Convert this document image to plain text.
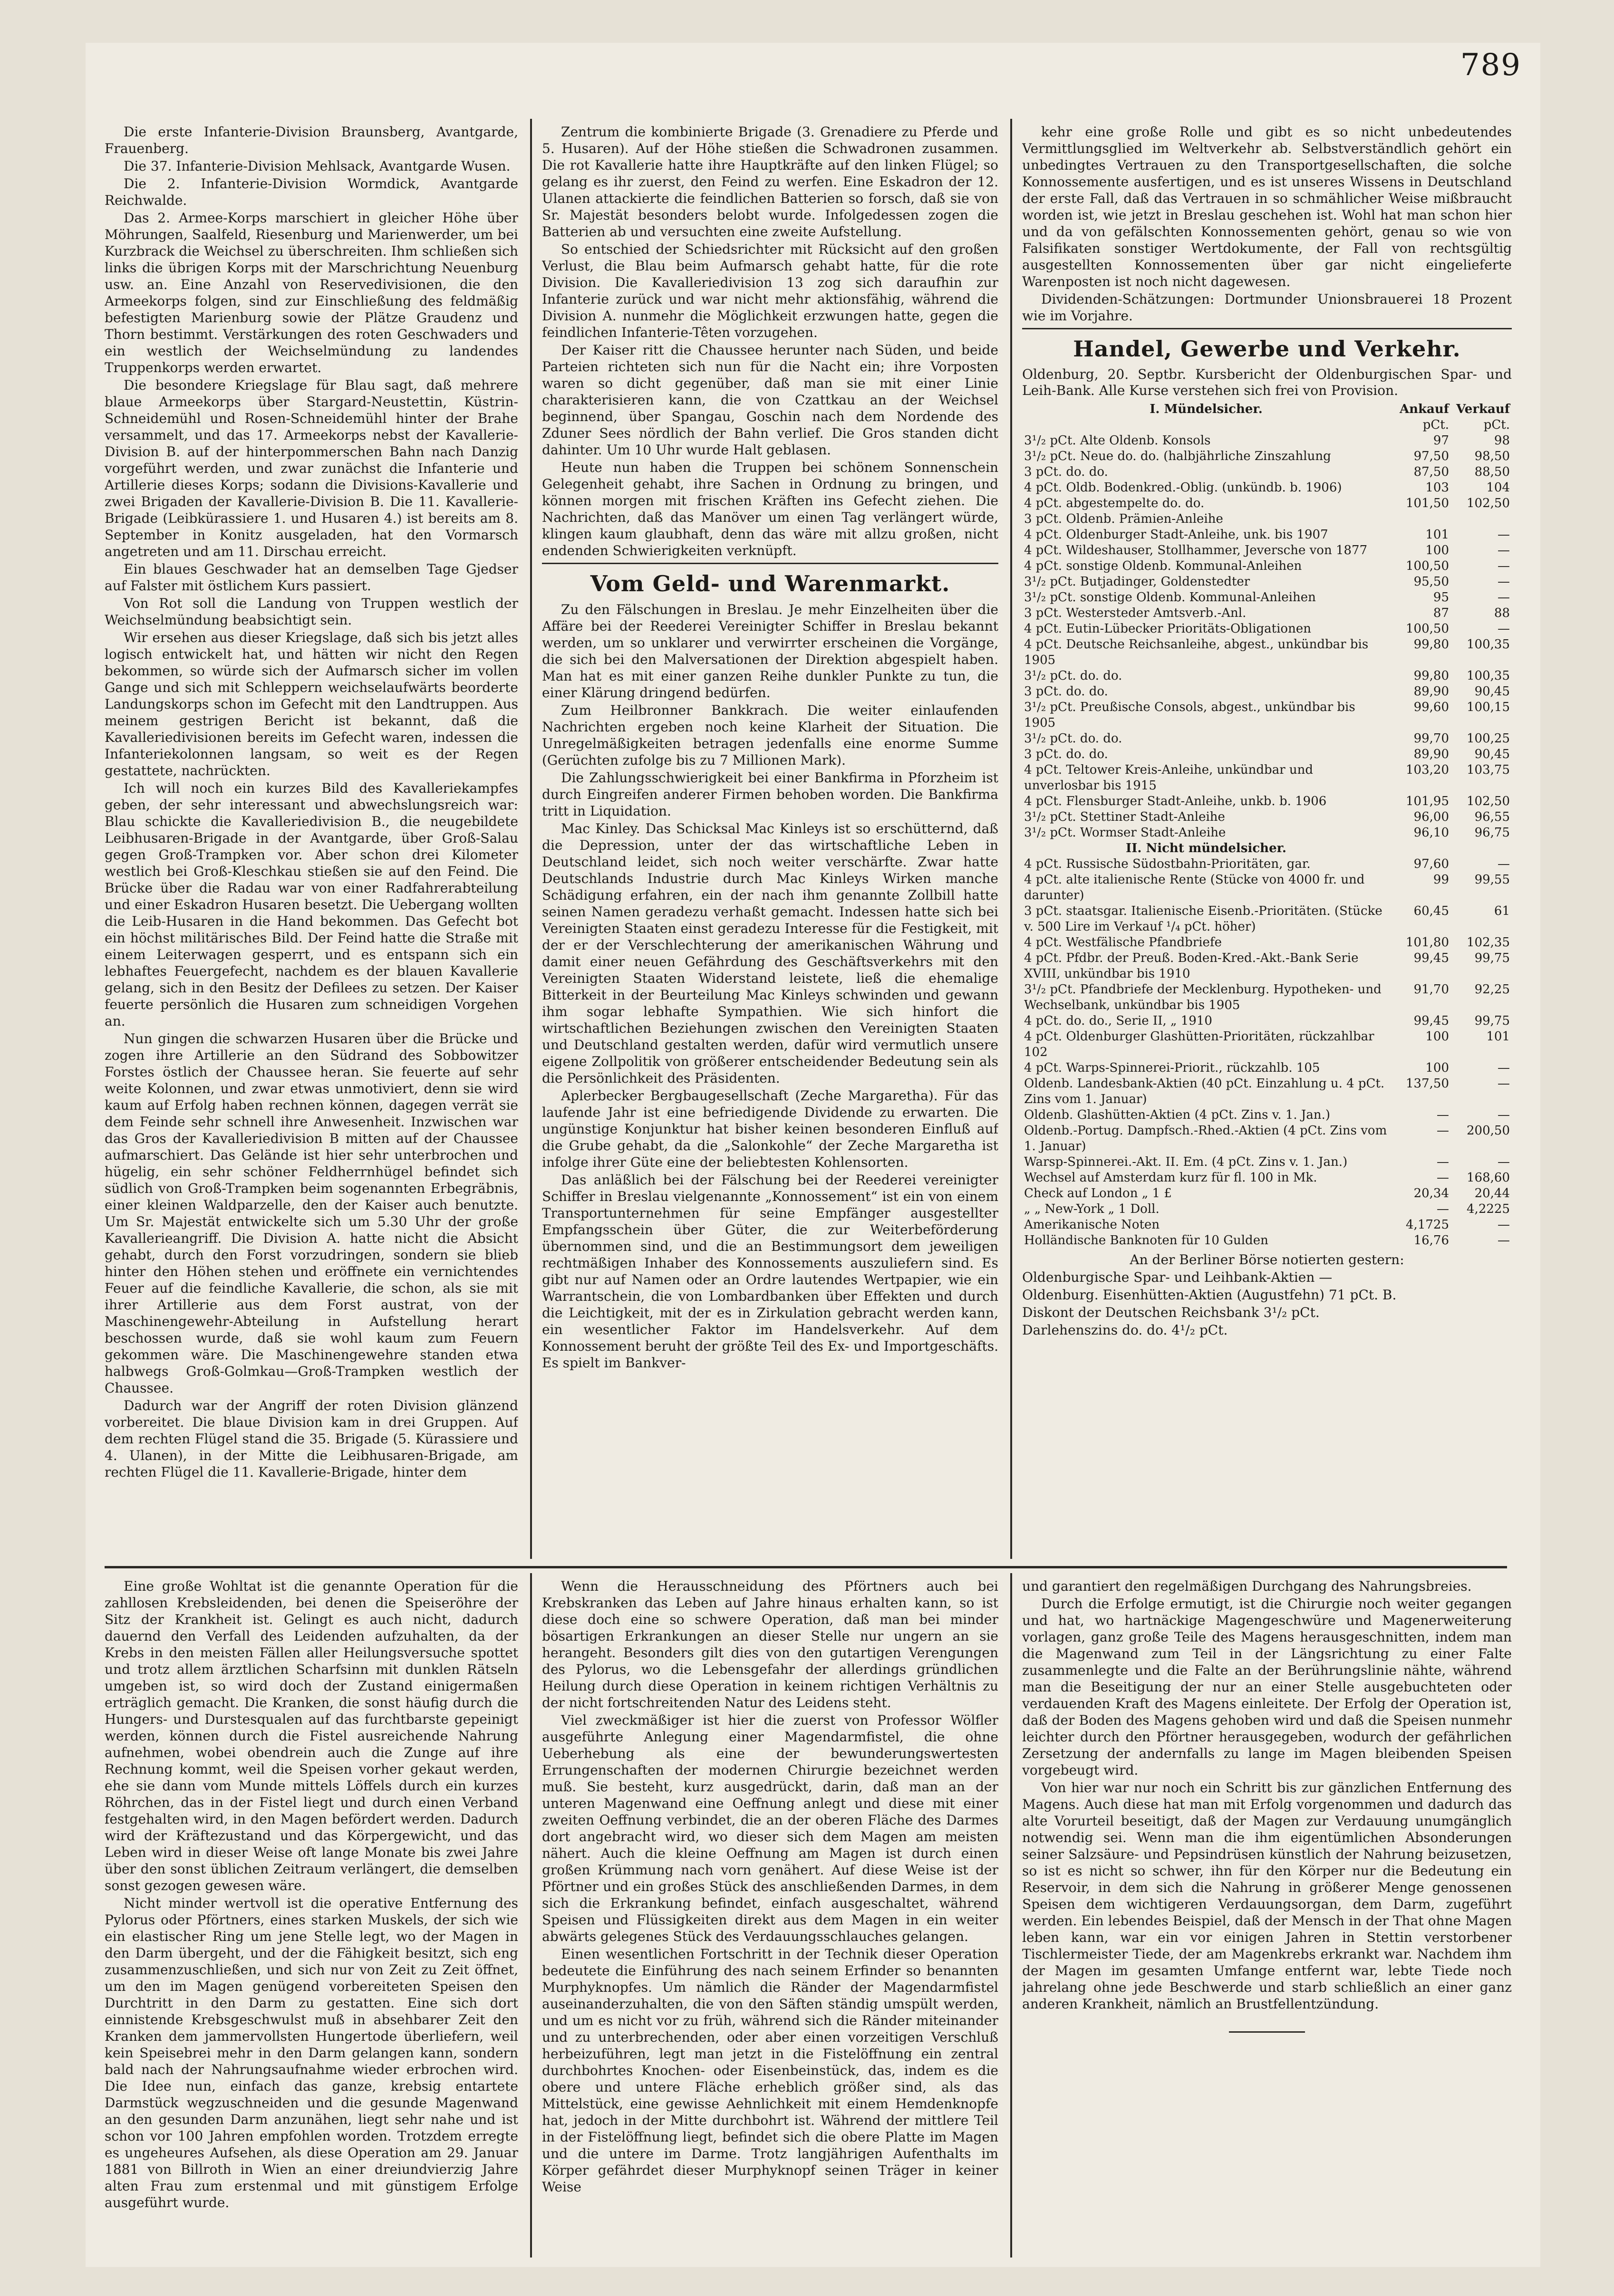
789

Die erste Infanterie-Division Braunsberg, Avantgarde, Frauenberg.

Die 37. Infanterie-Division Mehlsack, Avantgarde Wusen.

Die 2. Infanterie-Division Wormdick, Avantgarde Reichwalde.

Das 2. Armee-Korps marschiert in gleicher Höhe über Möhrungen, Saalfeld, Riesenburg und Marienwerder, um bei Kurzbrack die Weichsel zu überschreiten. Ihm schließen sich links die übrigen Korps mit der Marschrichtung Neuenburg usw. an. Eine Anzahl von Reservedivisionen, die den Armeekorps folgen, sind zur Einschließung des feldmäßig befestigten Marienburg sowie der Plätze Graudenz und Thorn bestimmt. Verstärkungen des roten Geschwaders und ein westlich der Weichselmündung zu landendes Truppenkorps werden erwartet.

Die besondere Kriegslage für Blau sagt, daß mehrere blaue Armeekorps über Stargard-Neustettin, Küstrin-Schneidemühl und Rosen-Schneidemühl hinter der Brahe versammelt, und das 17. Armeekorps nebst der Kavallerie-Division B. auf der hinterpommerschen Bahn nach Danzig vorgeführt werden, und zwar zunächst die Infanterie und Artillerie dieses Korps; sodann die Divisions-Kavallerie und zwei Brigaden der Kavallerie-Division B. Die 11. Kavallerie-Brigade (Leibkürassiere 1. und Husaren 4.) ist bereits am 8. September in Konitz ausgeladen, hat den Vormarsch angetreten und am 11. Dirschau erreicht.

Ein blaues Geschwader hat an demselben Tage Gjedser auf Falster mit östlichem Kurs passiert.

Von Rot soll die Landung von Truppen westlich der Weichselmündung beabsichtigt sein.

Wir ersehen aus dieser Kriegslage, daß sich bis jetzt alles logisch entwickelt hat, und hätten wir nicht den Regen bekommen, so würde sich der Aufmarsch sicher im vollen Gange und sich mit Schleppern weichselaufwärts beorderte Landungskorps schon im Gefecht mit den Landtruppen. Aus meinem gestrigen Bericht ist bekannt, daß die Kavalleriedivisionen bereits im Gefecht waren, indessen die Infanteriekolonnen langsam, so weit es der Regen gestattete, nachrückten.

Ich will noch ein kurzes Bild des Kavalleriekampfes geben, der sehr interessant und abwechslungsreich war: Blau schickte die Kavalleriedivision B., die neugebildete Leibhusaren-Brigade in der Avantgarde, über Groß-Salau gegen Groß-Trampken vor. Aber schon drei Kilometer westlich bei Groß-Kleschkau stießen sie auf den Feind. Die Brücke über die Radau war von einer Radfahrerabteilung und einer Eskadron Husaren besetzt. Die Uebergang wollten die Leib-Husaren in die Hand bekommen. Das Gefecht bot ein höchst militärisches Bild. Der Feind hatte die Straße mit einem Leiterwagen gesperrt, und es entspann sich ein lebhaftes Feuergefecht, nachdem es der blauen Kavallerie gelang, sich in den Besitz der Defilees zu setzen. Der Kaiser feuerte persönlich die Husaren zum schneidigen Vorgehen an.

Nun gingen die schwarzen Husaren über die Brücke und zogen ihre Artillerie an den Südrand des Sobbowitzer Forstes östlich der Chaussee heran. Sie feuerte auf sehr weite Kolonnen, und zwar etwas unmotiviert, denn sie wird kaum auf Erfolg haben rechnen können, dagegen verrät sie dem Feinde sehr schnell ihre Anwesenheit. Inzwischen war das Gros der Kavalleriedivision B mitten auf der Chaussee aufmarschiert. Das Gelände ist hier sehr unterbrochen und hügelig, ein sehr schöner Feldherrnhügel befindet sich südlich von Groß-Trampken beim sogenannten Erbegräbnis, einer kleinen Waldparzelle, den der Kaiser auch benutzte. Um Sr. Majestät entwickelte sich um 5.30 Uhr der große Kavallerieangriff. Die Division A. hatte nicht die Absicht gehabt, durch den Forst vorzudringen, sondern sie blieb hinter den Höhen stehen und eröffnete ein vernichtendes Feuer auf die feindliche Kavallerie, die schon, als sie mit ihrer Artillerie aus dem Forst austrat, von der Maschinengewehr-Abteilung in Aufstellung herart beschossen wurde, daß sie wohl kaum zum Feuern gekommen wäre. Die Maschinengewehre standen etwa halbwegs Groß-Golmkau—Groß-Trampken westlich der Chaussee.

Dadurch war der Angriff der roten Division glänzend vorbereitet. Die blaue Division kam in drei Gruppen. Auf dem rechten Flügel stand die 35. Brigade (5. Kürassiere und 4. Ulanen), in der Mitte die Leibhusaren-Brigade, am rechten Flügel die 11. Kavallerie-Brigade, hinter dem

Zentrum die kombinierte Brigade (3. Grenadiere zu Pferde und 5. Husaren). Auf der Höhe stießen die Schwadronen zusammen. Die rot Kavallerie hatte ihre Hauptkräfte auf den linken Flügel; so gelang es ihr zuerst, den Feind zu werfen. Eine Eskadron der 12. Ulanen attackierte die feindlichen Batterien so forsch, daß sie von Sr. Majestät besonders belobt wurde. Infolgedessen zogen die Batterien ab und versuchten eine zweite Aufstellung.

So entschied der Schiedsrichter mit Rücksicht auf den großen Verlust, die Blau beim Aufmarsch gehabt hatte, für die rote Division. Die Kavalleriedivision 13 zog sich daraufhin zur Infanterie zurück und war nicht mehr aktionsfähig, während die Division A. nunmehr die Möglichkeit erzwungen hatte, gegen die feindlichen Infanterie-Têten vorzugehen.

Der Kaiser ritt die Chaussee herunter nach Süden, und beide Parteien richteten sich nun für die Nacht ein; ihre Vorposten waren so dicht gegenüber, daß man sie mit einer Linie charakterisieren kann, die von Czattkau an der Weichsel beginnend, über Spangau, Goschin nach dem Nordende des Zduner Sees nördlich der Bahn verlief. Die Gros standen dicht dahinter. Um 10 Uhr wurde Halt geblasen.

Heute nun haben die Truppen bei schönem Sonnenschein Gelegenheit gehabt, ihre Sachen in Ordnung zu bringen, und können morgen mit frischen Kräften ins Gefecht ziehen. Die Nachrichten, daß das Manöver um einen Tag verlängert würde, klingen kaum glaubhaft, denn das wäre mit allzu großen, nicht endenden Schwierigkeiten verknüpft.

Vom Geld- und Warenmarkt.

Zu den Fälschungen in Breslau. Je mehr Einzelheiten über die Affäre bei der Reederei Vereinigter Schiffer in Breslau bekannt werden, um so unklarer und verwirrter erscheinen die Vorgänge, die sich bei den Malversationen der Direktion abgespielt haben. Man hat es mit einer ganzen Reihe dunkler Punkte zu tun, die einer Klärung dringend bedürfen.

Zum Heilbronner Bankkrach. Die weiter einlaufenden Nachrichten ergeben noch keine Klarheit der Situation. Die Unregelmäßigkeiten betragen jedenfalls eine enorme Summe (Gerüchten zufolge bis zu 7 Millionen Mark).

Die Zahlungsschwierigkeit bei einer Bankfirma in Pforzheim ist durch Eingreifen anderer Firmen behoben worden. Die Bankfirma tritt in Liquidation.

Mac Kinley. Das Schicksal Mac Kinleys ist so erschütternd, daß die Depression, unter der das wirtschaftliche Leben in Deutschland leidet, sich noch weiter verschärfte. Zwar hatte Deutschlands Industrie durch Mac Kinleys Wirken manche Schädigung erfahren, ein der nach ihm genannte Zollbill hatte seinen Namen geradezu verhaßt gemacht. Indessen hatte sich bei Vereinigten Staaten einst geradezu Interesse für die Festigkeit, mit der er der Verschlechterung der amerikanischen Währung und damit einer neuen Gefährdung des Geschäftsverkehrs mit den Vereinigten Staaten Widerstand leistete, ließ die ehemalige Bitterkeit in der Beurteilung Mac Kinleys schwinden und gewann ihm sogar lebhafte Sympathien. Wie sich hinfort die wirtschaftlichen Beziehungen zwischen den Vereinigten Staaten und Deutschland gestalten werden, dafür wird vermutlich unsere eigene Zollpolitik von größerer entscheidender Bedeutung sein als die Persönlichkeit des Präsidenten.

Aplerbecker Bergbaugesellschaft (Zeche Margaretha). Für das laufende Jahr ist eine befriedigende Dividende zu erwarten. Die ungünstige Konjunktur hat bisher keinen besonderen Einfluß auf die Grube gehabt, da die „Salonkohle“ der Zeche Margaretha ist infolge ihrer Güte eine der beliebtesten Kohlensorten.

Das anläßlich bei der Fälschung bei der Reederei vereinigter Schiffer in Breslau vielgenannte „Konnossement“ ist ein von einem Transportunternehmen für seine Empfänger ausgestellter Empfangsschein über Güter, die zur Weiterbeförderung übernommen sind, und die an Bestimmungsort dem jeweiligen rechtmäßigen Inhaber des Konnossements auszuliefern sind. Es gibt nur auf Namen oder an Ordre lautendes Wertpapier, wie ein Warrantschein, die von Lombardbanken über Effekten und durch die Leichtigkeit, mit der es in Zirkulation gebracht werden kann, ein wesentlicher Faktor im Handelsverkehr. Auf dem Konnossement beruht der größte Teil des Ex- und Importgeschäfts. Es spielt im Bankver-

kehr eine große Rolle und gibt es so nicht unbedeutendes Vermittlungsglied im Weltverkehr ab. Selbstverständlich gehört ein unbedingtes Vertrauen zu den Transportgesellschaften, die solche Konnossemente ausfertigen, und es ist unseres Wissens in Deutschland der erste Fall, daß das Vertrauen in so schmählicher Weise mißbraucht worden ist, wie jetzt in Breslau geschehen ist. Wohl hat man schon hier und da von gefälschten Konnossementen gehört, genau so wie von Falsifikaten sonstiger Wertdokumente, der Fall von rechtsgültig ausgestellten Konnossementen über gar nicht eingelieferte Warenposten ist noch nicht dagewesen.

Dividenden-Schätzungen: Dortmunder Unionsbrauerei 18 Prozent wie im Vorjahre.

Handel, Gewerbe und Verkehr.
Oldenburg, 20. Septbr. Kursbericht der Oldenburgischen Spar- und Leih-Bank. Alle Kurse verstehen sich frei von Provision.
I. Mündelsicher.	Ankauf	Verkauf
	pCt.	pCt.
3¹/₂ pCt. Alte Oldenb. Konsols	97	98
3¹/₂ pCt. Neue do. do. (halbjährliche Zinszahlung	97,50	98,50
3 pCt. do. do.	87,50	88,50
4 pCt. Oldb. Bodenkred.-Oblig. (unkündb. b. 1906)	103	104
4 pCt. abgestempelte do. do.	101,50	102,50
3 pCt. Oldenb. Prämien-Anleihe		
4 pCt. Oldenburger Stadt-Anleihe, unk. bis 1907	101	—
4 pCt. Wildeshauser, Stollhammer, Jeversche von 1877	100	—
4 pCt. sonstige Oldenb. Kommunal-Anleihen	100,50	—
3¹/₂ pCt. Butjadinger, Goldenstedter	95,50	—
3¹/₂ pCt. sonstige Oldenb. Kommunal-Anleihen	95	—
3 pCt. Westersteder Amtsverb.-Anl.	87	88
4 pCt. Eutin-Lübecker Prioritäts-Obligationen	100,50	—
4 pCt. Deutsche Reichsanleihe, abgest., unkündbar bis 1905	99,80	100,35
3¹/₂ pCt. do. do.	99,80	100,35
3 pCt. do. do.	89,90	90,45
3¹/₂ pCt. Preußische Consols, abgest., unkündbar bis 1905	99,60	100,15
3¹/₂ pCt. do. do.	99,70	100,25
3 pCt. do. do.	89,90	90,45
4 pCt. Teltower Kreis-Anleihe, unkündbar und unverlosbar bis 1915	103,20	103,75
4 pCt. Flensburger Stadt-Anleihe, unkb. b. 1906	101,95	102,50
3¹/₂ pCt. Stettiner Stadt-Anleihe	96,00	96,55
3¹/₂ pCt. Wormser Stadt-Anleihe	96,10	96,75
II. Nicht mündelsicher.		
4 pCt. Russische Südostbahn-Prioritäten, gar.	97,60	—
4 pCt. alte italienische Rente (Stücke von 4000 fr. und darunter)	99	99,55
3 pCt. staatsgar. Italienische Eisenb.-Prioritäten. (Stücke v. 500 Lire im Verkauf ¹/₄ pCt. höher)	60,45	61
4 pCt. Westfälische Pfandbriefe	101,80	102,35
4 pCt. Pfdbr. der Preuß. Boden-Kred.-Akt.-Bank Serie XVIII, unkündbar bis 1910	99,45	99,75
3¹/₂ pCt. Pfandbriefe der Mecklenburg. Hypotheken- und Wechselbank, unkündbar bis 1905	91,70	92,25
4 pCt. do. do., Serie II, „ 1910	99,45	99,75
4 pCt. Oldenburger Glashütten-Prioritäten, rückzahlbar 102	100	101
4 pCt. Warps-Spinnerei-Priorit., rückzahlb. 105	100	—
Oldenb. Landesbank-Aktien (40 pCt. Einzahlung u. 4 pCt. Zins vom 1. Januar)	137,50	—
Oldenb. Glashütten-Aktien (4 pCt. Zins v. 1. Jan.)	—	—
Oldenb.-Portug. Dampfsch.-Rhed.-Aktien (4 pCt. Zins vom 1. Januar)	—	200,50
Warsp-Spinnerei.-Akt. II. Em. (4 pCt. Zins v. 1. Jan.)	—	—
Wechsel auf Amsterdam kurz für fl. 100 in Mk.	—	168,60
Check auf London „ 1 £	20,34	20,44
„ „ New-York „ 1 Doll.	—	4,2225
Amerikanische Noten	4,1725	—
Holländische Banknoten für 10 Gulden	16,76	—

An der Berliner Börse notierten gestern:

Oldenburgische Spar- und Leihbank-Aktien —

Oldenburg. Eisenhütten-Aktien (Augustfehn) 71 pCt. B.

Diskont der Deutschen Reichsbank 3¹/₂ pCt.

Darlehenszins do. do. 4¹/₂ pCt.

Eine große Wohltat ist die genannte Operation für die zahllosen Krebsleidenden, bei denen die Speiseröhre der Sitz der Krankheit ist. Gelingt es auch nicht, dadurch dauernd den Verfall des Leidenden aufzuhalten, da der Krebs in den meisten Fällen aller Heilungsversuche spottet und trotz allem ärztlichen Scharfsinn mit dunklen Rätseln umgeben ist, so wird doch der Zustand einigermaßen erträglich gemacht. Die Kranken, die sonst häufig durch die Hungers- und Durstesqualen auf das furchtbarste gepeinigt werden, können durch die Fistel ausreichende Nahrung aufnehmen, wobei obendrein auch die Zunge auf ihre Rechnung kommt, weil die Speisen vorher gekaut werden, ehe sie dann vom Munde mittels Löffels durch ein kurzes Röhrchen, das in der Fistel liegt und durch einen Verband festgehalten wird, in den Magen befördert werden. Dadurch wird der Kräftezustand und das Körpergewicht, und das Leben wird in dieser Weise oft lange Monate bis zwei Jahre über den sonst üblichen Zeitraum verlängert, die demselben sonst gezogen gewesen wäre.

Nicht minder wertvoll ist die operative Entfernung des Pylorus oder Pförtners, eines starken Muskels, der sich wie ein elastischer Ring um jene Stelle legt, wo der Magen in den Darm übergeht, und der die Fähigkeit besitzt, sich eng zusammenzuschließen, und sich nur von Zeit zu Zeit öffnet, um den im Magen genügend vorbereiteten Speisen den Durchtritt in den Darm zu gestatten. Eine sich dort einnistende Krebsgeschwulst muß in absehbarer Zeit den Kranken dem jammervollsten Hungertode überliefern, weil kein Speisebrei mehr in den Darm gelangen kann, sondern bald nach der Nahrungsaufnahme wieder erbrochen wird. Die Idee nun, einfach das ganze, krebsig entartete Darmstück wegzuschneiden und die gesunde Magenwand an den gesunden Darm anzunähen, liegt sehr nahe und ist schon vor 100 Jahren empfohlen worden. Trotzdem erregte es ungeheures Aufsehen, als diese Operation am 29. Januar 1881 von Billroth in Wien an einer dreiundvierzig Jahre alten Frau zum erstenmal und mit günstigem Erfolge ausgeführt wurde.

Wenn die Herausschneidung des Pförtners auch bei Krebskranken das Leben auf Jahre hinaus erhalten kann, so ist diese doch eine so schwere Operation, daß man bei minder bösartigen Erkrankungen an dieser Stelle nur ungern an sie herangeht. Besonders gilt dies von den gutartigen Verengungen des Pylorus, wo die Lebensgefahr der allerdings gründlichen Heilung durch diese Operation in keinem richtigen Verhältnis zu der nicht fortschreitenden Natur des Leidens steht.

Viel zweckmäßiger ist hier die zuerst von Professor Wölfler ausgeführte Anlegung einer Magendarmfistel, die ohne Ueberhebung als eine der bewunderungswertesten Errungenschaften der modernen Chirurgie bezeichnet werden muß. Sie besteht, kurz ausgedrückt, darin, daß man an der unteren Magenwand eine Oeffnung anlegt und diese mit einer zweiten Oeffnung verbindet, die an der oberen Fläche des Darmes dort angebracht wird, wo dieser sich dem Magen am meisten nähert. Auch die kleine Oeffnung am Magen ist durch einen großen Krümmung nach vorn genähert. Auf diese Weise ist der Pförtner und ein großes Stück des anschließenden Darmes, in dem sich die Erkrankung befindet, einfach ausgeschaltet, während Speisen und Flüssigkeiten direkt aus dem Magen in ein weiter abwärts gelegenes Stück des Verdauungsschlauches gelangen.

Einen wesentlichen Fortschritt in der Technik dieser Operation bedeutete die Einführung des nach seinem Erfinder so benannten Murphyknopfes. Um nämlich die Ränder der Magendarmfistel auseinanderzuhalten, die von den Säften ständig umspült werden, und um es nicht vor zu früh, während sich die Ränder miteinander und zu unterbrechenden, oder aber einen vorzeitigen Verschluß herbeizuführen, legt man jetzt in die Fistelöffnung ein zentral durchbohrtes Knochen- oder Eisenbeinstück, das, indem es die obere und untere Fläche erheblich größer sind, als das Mittelstück, eine gewisse Aehnlichkeit mit einem Hemdenknopfe hat, jedoch in der Mitte durchbohrt ist. Während der mittlere Teil in der Fistelöffnung liegt, befindet sich die obere Platte im Magen und die untere im Darme. Trotz langjährigen Aufenthalts im Körper gefährdet dieser Murphyknopf seinen Träger in keiner Weise

und garantiert den regelmäßigen Durchgang des Nahrungsbreies.

Durch die Erfolge ermutigt, ist die Chirurgie noch weiter gegangen und hat, wo hartnäckige Magengeschwüre und Magenerweiterung vorlagen, ganz große Teile des Magens herausgeschnitten, indem man die Magenwand zum Teil in der Längsrichtung zu einer Falte zusammenlegte und die Falte an der Berührungslinie nähte, während man die Beseitigung der nur an einer Stelle ausgebuchteten oder verdauenden Kraft des Magens einleitete. Der Erfolg der Operation ist, daß der Boden des Magens gehoben wird und daß die Speisen nunmehr leichter durch den Pförtner herausgegeben, wodurch der gefährlichen Zersetzung der andernfalls zu lange im Magen bleibenden Speisen vorgebeugt wird.

Von hier war nur noch ein Schritt bis zur gänzlichen Entfernung des Magens. Auch diese hat man mit Erfolg vorgenommen und dadurch das alte Vorurteil beseitigt, daß der Magen zur Verdauung unumgänglich notwendig sei. Wenn man die ihm eigentümlichen Absonderungen seiner Salzsäure- und Pepsindrüsen künstlich der Nahrung beizusetzen, so ist es nicht so schwer, ihn für den Körper nur die Bedeutung ein Reservoir, in dem sich die Nahrung in größerer Menge genossenen Speisen dem wichtigeren Verdauungsorgan, dem Darm, zugeführt werden. Ein lebendes Beispiel, daß der Mensch in der That ohne Magen leben kann, war ein vor einigen Jahren in Stettin verstorbener Tischlermeister Tiede, der am Magenkrebs erkrankt war. Nachdem ihm der Magen im gesamten Umfange entfernt war, lebte Tiede noch jahrelang ohne jede Beschwerde und starb schließlich an einer ganz anderen Krankheit, nämlich an Brustfellentzündung.
